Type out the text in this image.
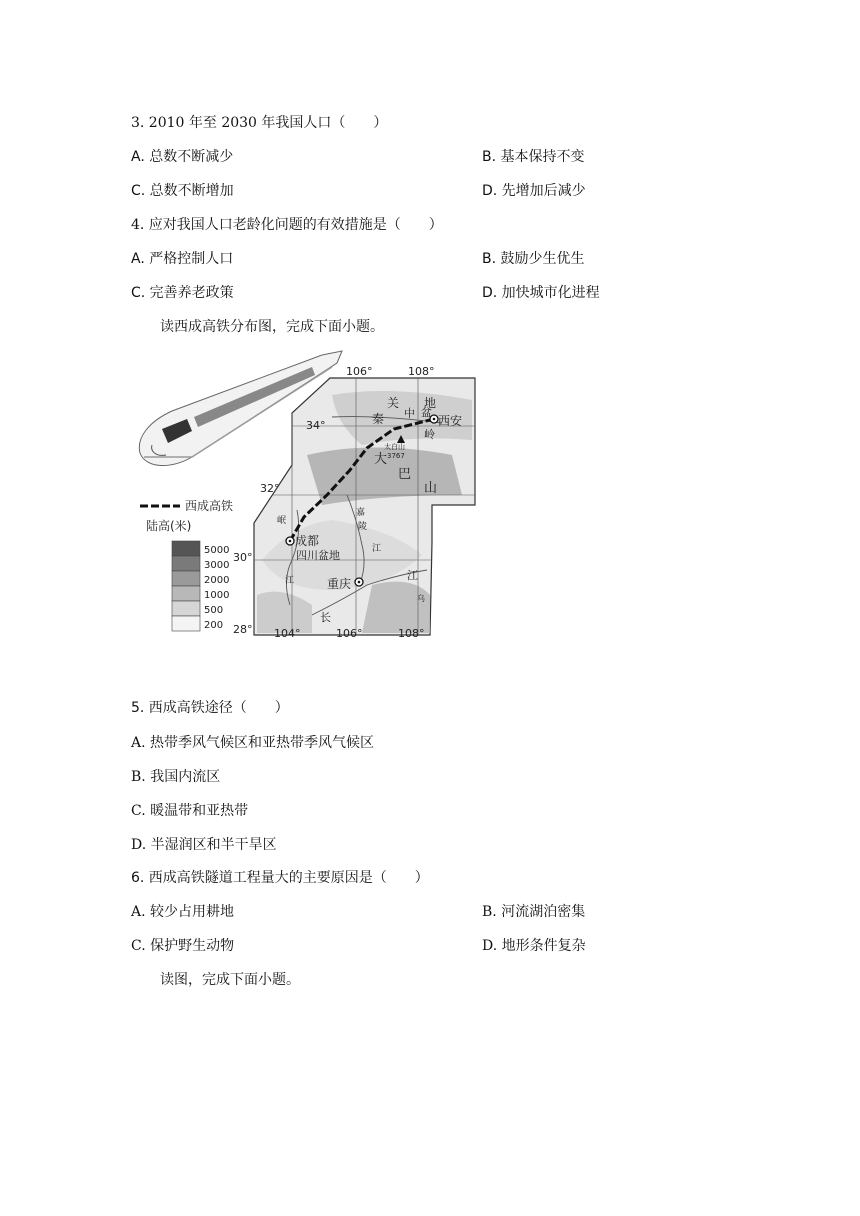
3. 2010 年至 2030 年我国人口（　　）
A. 总数不断减少	B. 基本保持不变
C. 总数不断增加	D. 先增加后减少
4. 应对我国人口老龄化问题的有效措施是（　　）
A. 严格控制人口	B. 鼓励少生优生
C. 完善养老政策	D. 加快城市化进程
读西成高铁分布图，完成下面小题。
106°	108°
104°	106°	108°
34°
32°
30°
28°
西安
成都
重庆
太白山
3767
关
中 盆
地
秦
岭
大
巴
山
四川盆地
嘉
陵
江
岷
江
长
江
乌
西成高铁
陆高(米)
5000
3000
2000
1000
500
200
5. 西成高铁途径（　　）
A. 热带季风气候区和亚热带季风气候区
B. 我国内流区
C. 暖温带和亚热带
D. 半湿润区和半干旱区
6. 西成高铁隧道工程量大的主要原因是（　　）
A. 较少占用耕地	B. 河流湖泊密集
C. 保护野生动物	D. 地形条件复杂
读图，完成下面小题。
